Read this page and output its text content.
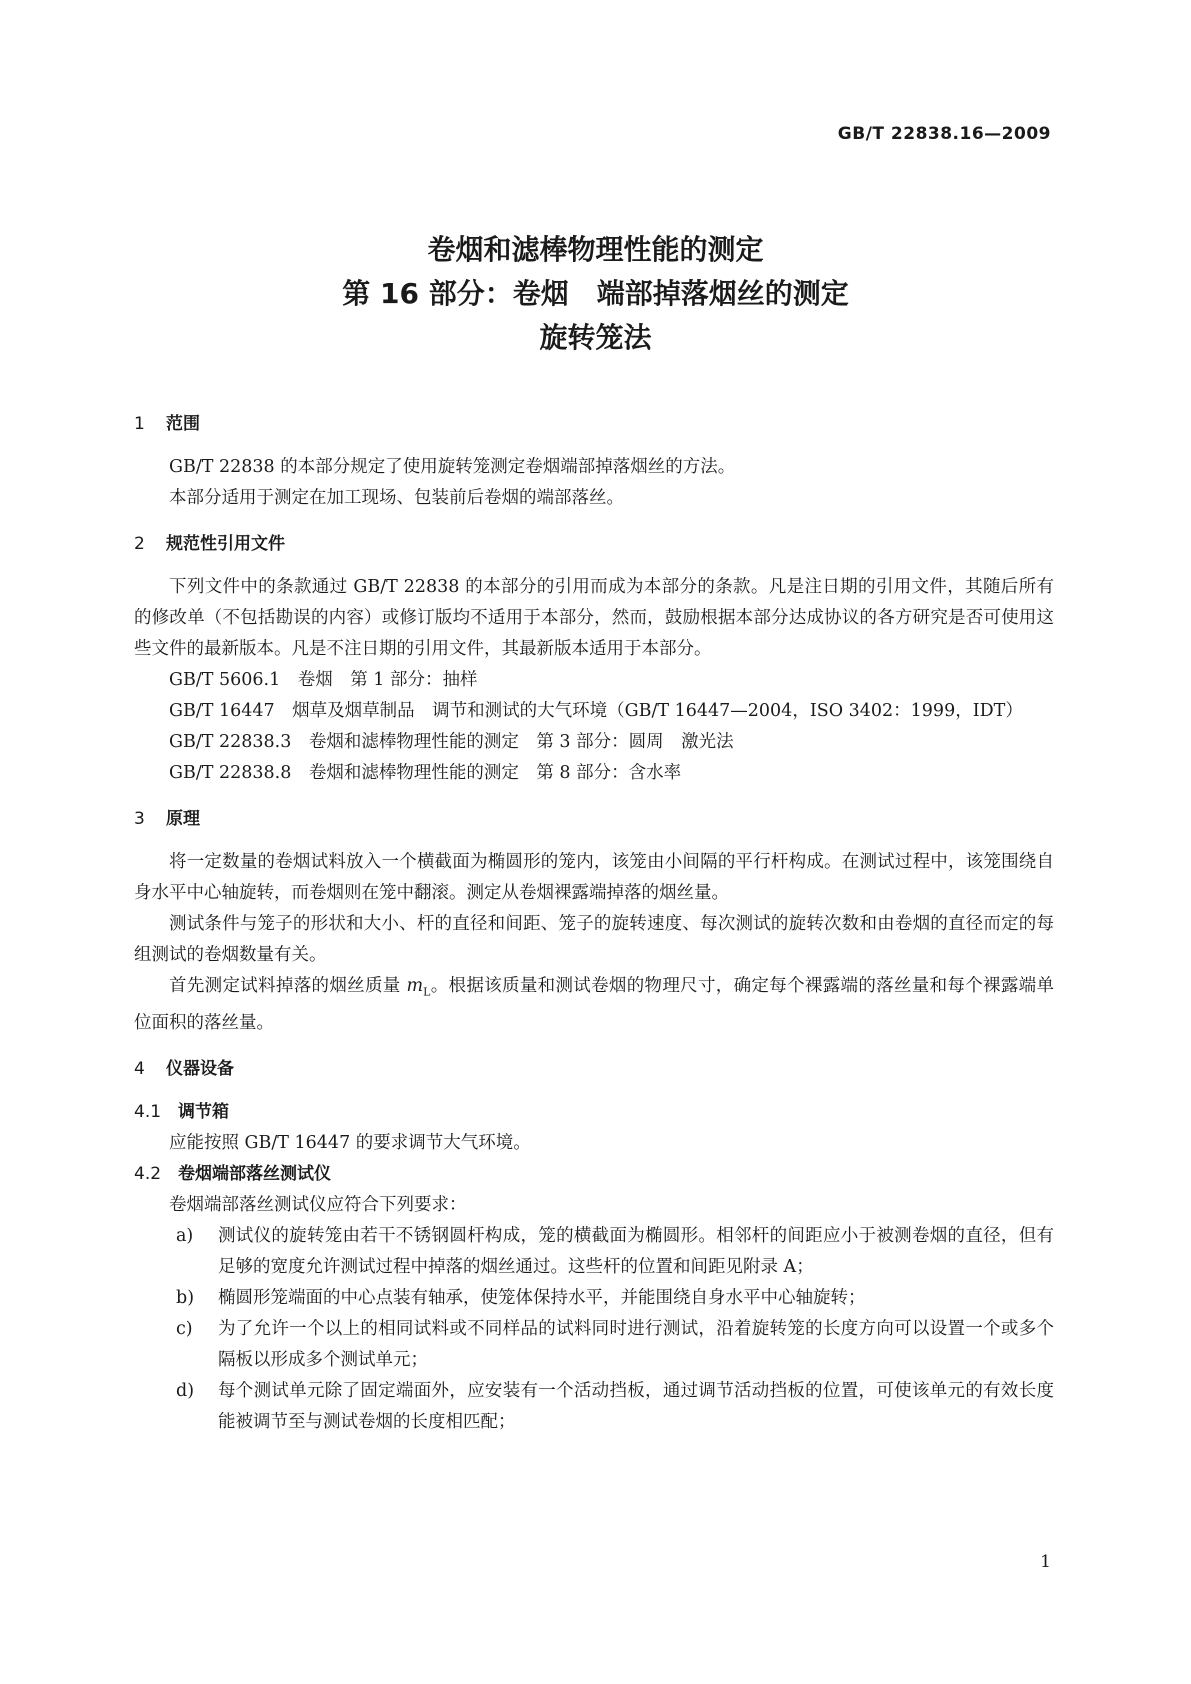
GB/T 22838.16—2009
卷烟和滤棒物理性能的测定
第 16 部分：卷烟　端部掉落烟丝的测定
旋转笼法
1 范围

GB/T 22838 的本部分规定了使用旋转笼测定卷烟端部掉落烟丝的方法。

本部分适用于测定在加工现场、包装前后卷烟的端部落丝。

2 规范性引用文件

下列文件中的条款通过 GB/T 22838 的本部分的引用而成为本部分的条款。凡是注日期的引用文件，其随后所有的修改单（不包括勘误的内容）或修订版均不适用于本部分，然而，鼓励根据本部分达成协议的各方研究是否可使用这些文件的最新版本。凡是不注日期的引用文件，其最新版本适用于本部分。

GB/T 5606.1　卷烟　第 1 部分：抽样

GB/T 16447　烟草及烟草制品　调节和测试的大气环境（GB/T 16447—2004，ISO 3402：1999，IDT）

GB/T 22838.3　卷烟和滤棒物理性能的测定　第 3 部分：圆周　激光法

GB/T 22838.8　卷烟和滤棒物理性能的测定　第 8 部分：含水率

3 原理

将一定数量的卷烟试料放入一个横截面为椭圆形的笼内，该笼由小间隔的平行杆构成。在测试过程中，该笼围绕自身水平中心轴旋转，而卷烟则在笼中翻滚。测定从卷烟裸露端掉落的烟丝量。

测试条件与笼子的形状和大小、杆的直径和间距、笼子的旋转速度、每次测试的旋转次数和由卷烟的直径而定的每组测试的卷烟数量有关。

首先测定试料掉落的烟丝质量 $m_L$。根据该质量和测试卷烟的物理尺寸，确定每个裸露端的落丝量和每个裸露端单位面积的落丝量。

4 仪器设备
4.1 调节箱

应能按照 GB/T 16447 的要求调节大气环境。

4.2 卷烟端部落丝测试仪

卷烟端部落丝测试仪应符合下列要求：

a)	测试仪的旋转笼由若干不锈钢圆杆构成，笼的横截面为椭圆形。相邻杆的间距应小于被测卷烟的直径，但有足够的宽度允许测试过程中掉落的烟丝通过。这些杆的位置和间距见附录 A；
b)	椭圆形笼端面的中心点装有轴承，使笼体保持水平，并能围绕自身水平中心轴旋转；
c)	为了允许一个以上的相同试料或不同样品的试料同时进行测试，沿着旋转笼的长度方向可以设置一个或多个隔板以形成多个测试单元；
d)	每个测试单元除了固定端面外，应安装有一个活动挡板，通过调节活动挡板的位置，可使该单元的有效长度能被调节至与测试卷烟的长度相匹配；
1
